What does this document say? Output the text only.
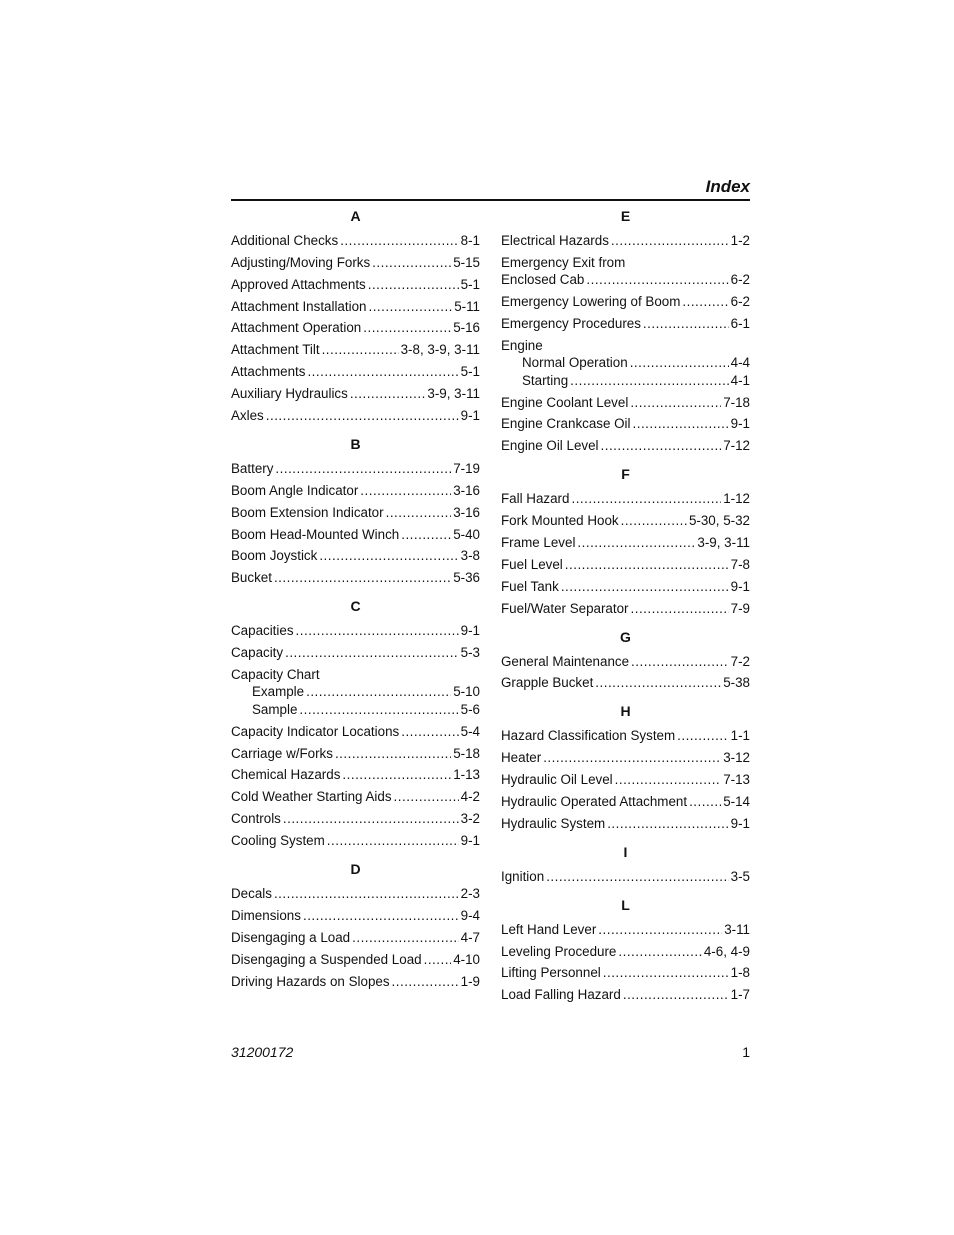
Index
A
Additional Checks .....	8-1
Adjusting/Moving Forks .....	5-15
Approved Attachments .....	5-1
Attachment Installation .....	5-11
Attachment Operation .....	5-16
Attachment Tilt .....	3-8, 3-9, 3-11
Attachments .....	5-1
Auxiliary Hydraulics .....	3-9, 3-11
Axles .....	9-1
B
Battery .....	7-19
Boom Angle Indicator .....	3-16
Boom Extension Indicator .....	3-16
Boom Head-Mounted Winch .....	5-40
Boom Joystick .....	3-8
Bucket .....	5-36
C
Capacities .....	9-1
Capacity .....	5-3
Capacity Chart
Example .....	5-10
Sample .....	5-6
Capacity Indicator Locations .....	5-4
Carriage w/Forks .....	5-18
Chemical Hazards .....	1-13
Cold Weather Starting Aids .....	4-2
Controls .....	3-2
Cooling System .....	9-1
D
Decals .....	2-3
Dimensions .....	9-4
Disengaging a Load .....	4-7
Disengaging a Suspended Load ..... 4-10
Driving Hazards on Slopes .....	1-9
E
Electrical Hazards .....	1-2
Emergency Exit from
Enclosed Cab .....	6-2
Emergency Lowering of Boom .....	6-2
Emergency Procedures .....	6-1
Engine
Normal Operation .....	4-4
Starting .....	4-1
Engine Coolant Level .....	7-18
Engine Crankcase Oil .....	9-1
Engine Oil Level .....	7-12
F
Fall Hazard .....	1-12
Fork Mounted Hook .....	5-30, 5-32
Frame Level .....	3-9, 3-11
Fuel Level .....	7-8
Fuel Tank .....	9-1
Fuel/Water Separator .....	7-9
G
General Maintenance .....	7-2
Grapple Bucket .....	5-38
H
Hazard Classification System .....	1-1
Heater .....	3-12
Hydraulic Oil Level .....	7-13
Hydraulic Operated Attachment .....	5-14
Hydraulic System .....	9-1
I
Ignition .....	3-5
L
Left Hand Lever .....	3-11
Leveling Procedure .....	4-6, 4-9
Lifting Personnel .....	1-8
Load Falling Hazard .....	1-7
31200172	1
